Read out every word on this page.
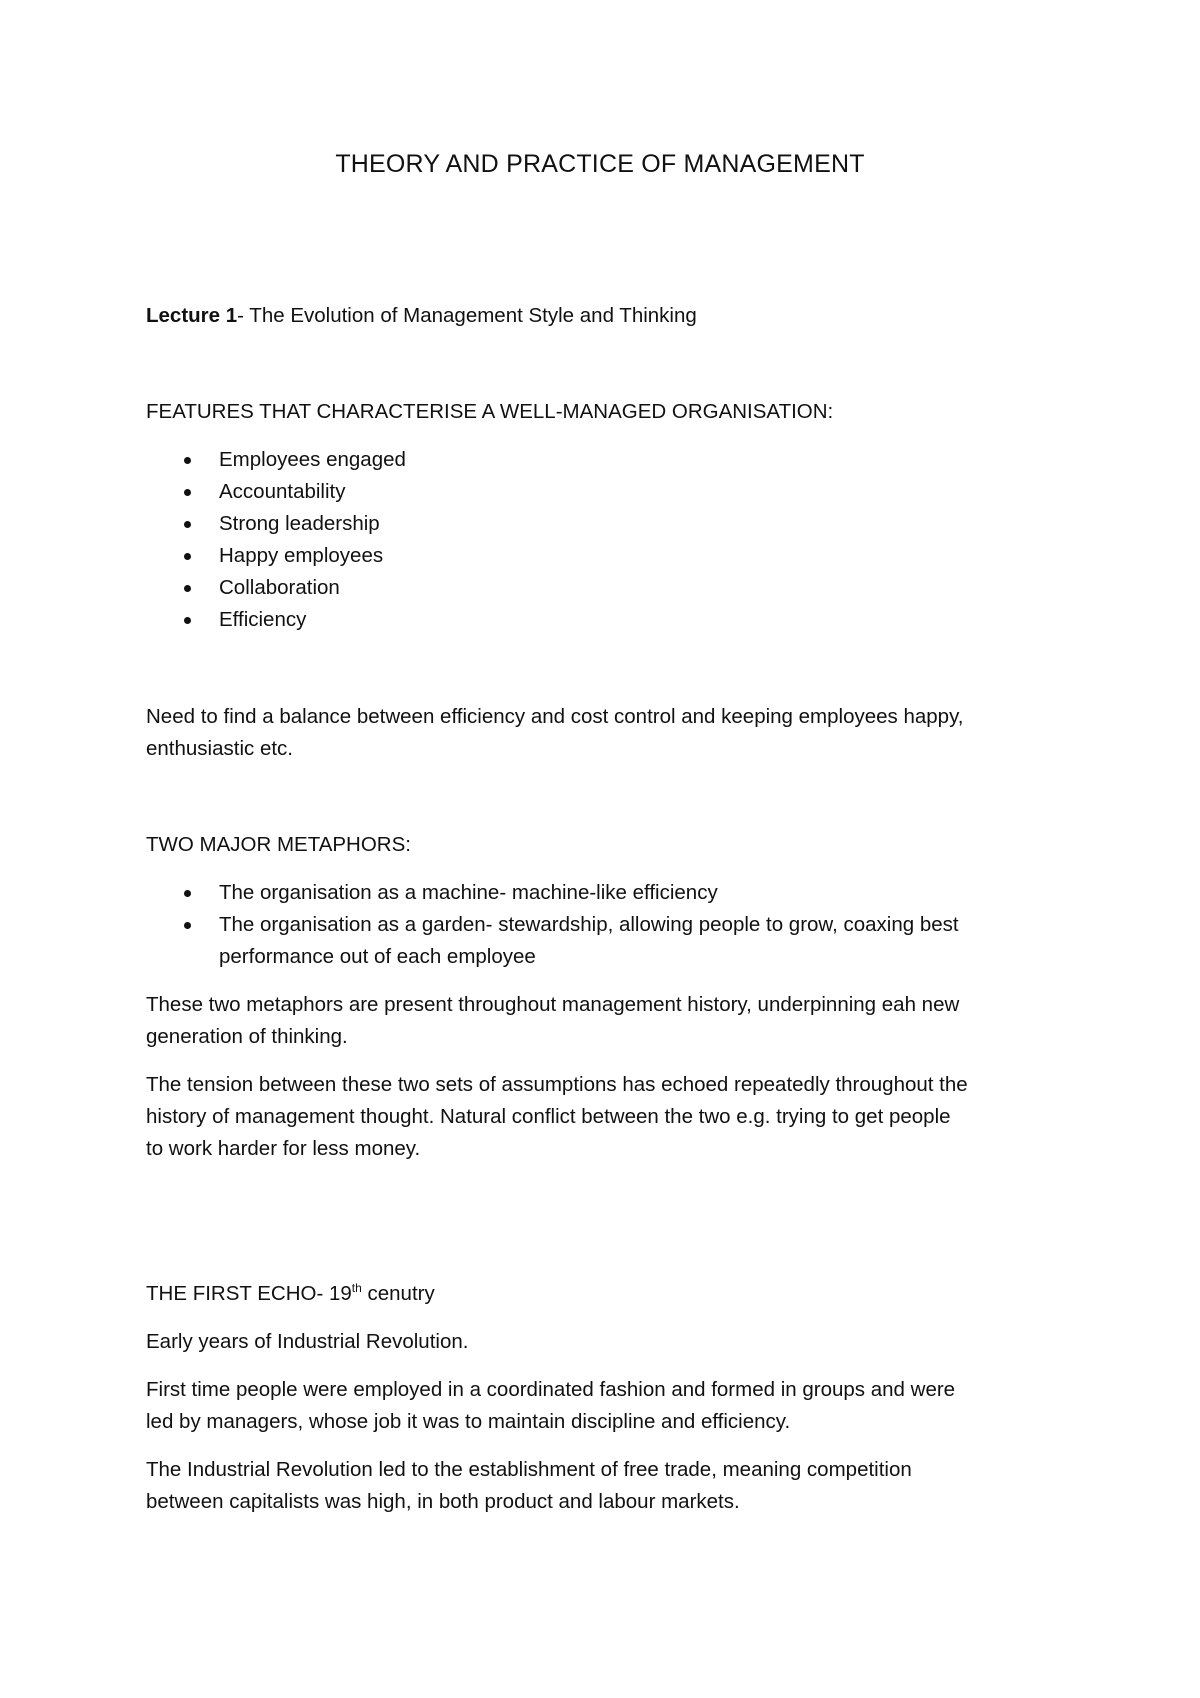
THEORY AND PRACTICE OF MANAGEMENT
Lecture 1- The Evolution of Management Style and Thinking
FEATURES THAT CHARACTERISE A WELL-MANAGED ORGANISATION:
Employees engaged
Accountability
Strong leadership
Happy employees
Collaboration
Efficiency
Need to find a balance between efficiency and cost control and keeping employees happy,
enthusiastic etc.
TWO MAJOR METAPHORS:
The organisation as a machine- machine-like efficiency
The organisation as a garden- stewardship, allowing people to grow, coaxing best
performance out of each employee
These two metaphors are present throughout management history, underpinning eah new
generation of thinking.
The tension between these two sets of assumptions has echoed repeatedly throughout the
history of management thought. Natural conflict between the two e.g. trying to get people
to work harder for less money.
THE FIRST ECHO- 19th cenutry
Early years of Industrial Revolution.
First time people were employed in a coordinated fashion and formed in groups and were
led by managers, whose job it was to maintain discipline and efficiency.
The Industrial Revolution led to the establishment of free trade, meaning competition
between capitalists was high, in both product and labour markets.
